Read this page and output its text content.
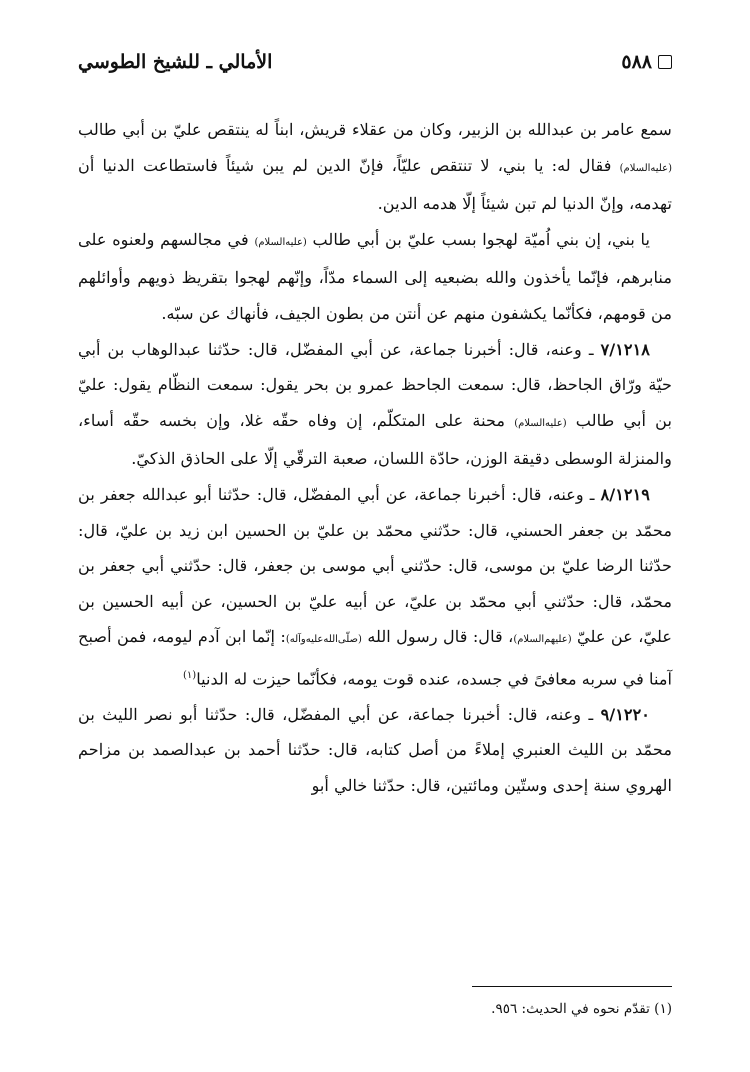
٥٨٨
الأمالي ـ للشيخ الطوسي

سمع عامر بن عبدالله بن الزبير، وكان من عقلاء قريش، ابناً له ينتقص عليّ بن أبي طالب (عليه‌السلام) فقال له: يا بني، لا تنتقص عليّاً، فإنّ الدين لم يبن شيئاً فاستطاعت الدنيا أن تهدمه، وإنّ الدنيا لم تبن شيئاً إلّا هدمه الدين.

يا بني، إن بني اُميّة لهجوا بسب عليّ بن أبي طالب (عليه‌السلام) في مجالسهم ولعنوه على منابرهم، فإنّما يأخذون والله بضبعيه إلى السماء مدّاً، وإنّهم لهجوا بتقريظ ذويهم وأوائلهم من قومهم، فكأنّما يكشفون منهم عن أنتن من بطون الجيف، فأنهاك عن سبّه.

٧/١٢١٨ ـ وعنه، قال: أخبرنا جماعة، عن أبي المفضّل، قال: حدّثنا عبدالوهاب بن أبي حيّة ورّاق الجاحظ، قال: سمعت الجاحظ عمرو بن بحر يقول: سمعت النظّام يقول: عليّ بن أبي طالب (عليه‌السلام) محنة على المتكلّم، إن وفاه حقّه غلا، وإن بخسه حقّه أساء، والمنزلة الوسطى دقيقة الوزن، حادّة اللسان، صعبة الترقّي إلّا على الحاذق الذكيّ.

٨/١٢١٩ ـ وعنه، قال: أخبرنا جماعة، عن أبي المفضّل، قال: حدّثنا أبو عبدالله جعفر بن محمّد بن جعفر الحسني، قال: حدّثني محمّد بن عليّ بن الحسين ابن زيد بن عليّ، قال: حدّثنا الرضا عليّ بن موسى، قال: حدّثني أبي موسى بن جعفر، قال: حدّثني أبي جعفر بن محمّد، قال: حدّثني أبي محمّد بن عليّ، عن أبيه عليّ بن الحسين، عن أبيه الحسين بن عليّ، عن عليّ (عليهم‌السلام)، قال: قال رسول الله (صلّى‌الله‌عليه‌وآله): إنّما ابن آدم ليومه، فمن أصبح آمنا في سربه معافىً في جسده، عنده قوت يومه، فكأنّما حيزت له الدنيا$^{(١)}$

٩/١٢٢٠ ـ وعنه، قال: أخبرنا جماعة، عن أبي المفضّل، قال: حدّثنا أبو نصر الليث بن محمّد بن الليث العنبري إملاءً من أصل كتابه، قال: حدّثنا أحمد بن عبدالصمد بن مزاحم الهروي سنة إحدى وستّين ومائتين، قال: حدّثنا خالي أبو

(١) تقدّم نحوه في الحديث: ٩٥٦.
